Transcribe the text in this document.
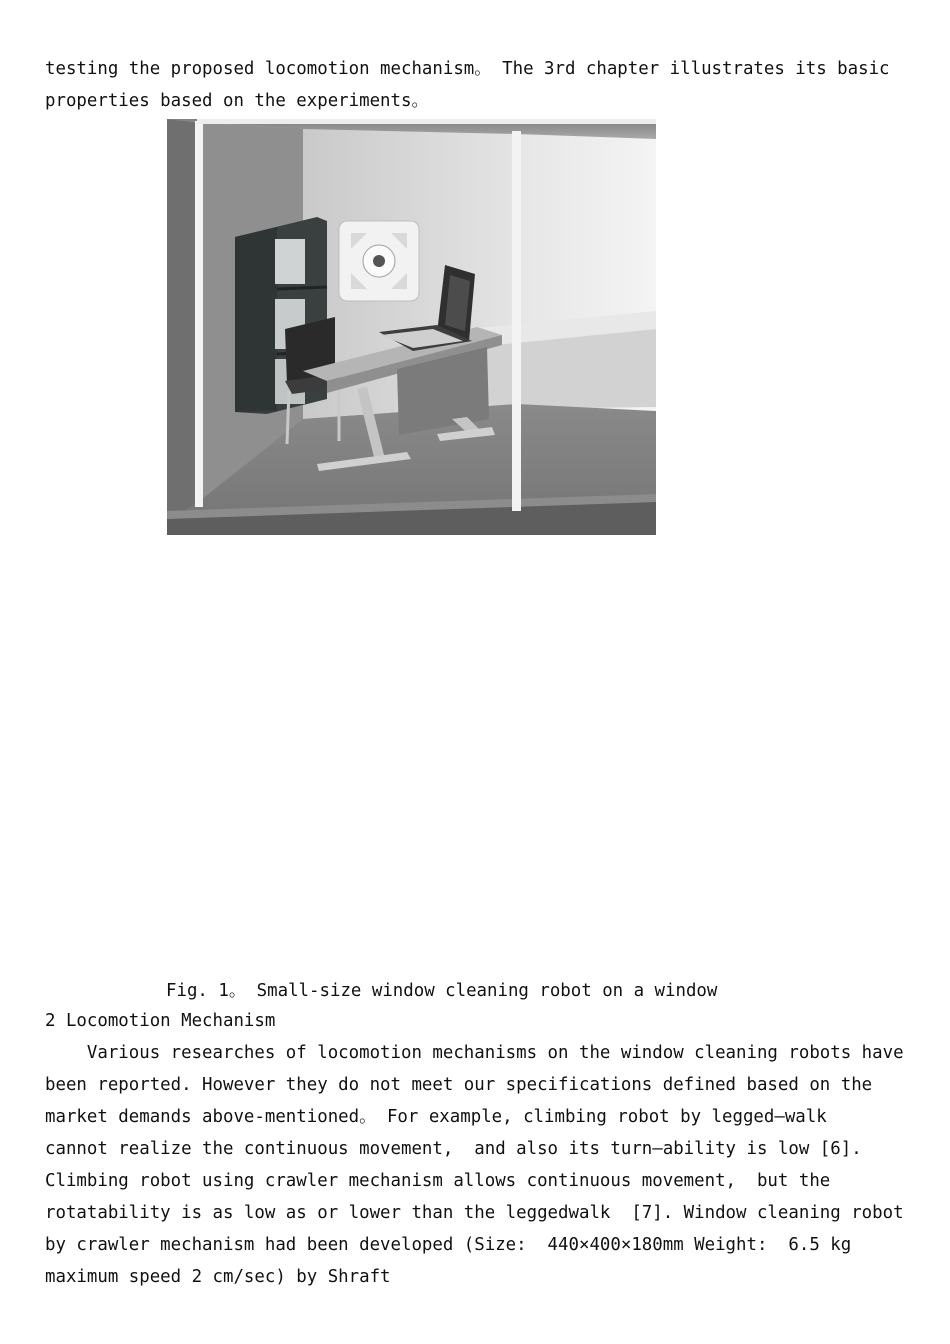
testing the proposed locomotion mechanism。 The 3rd chapter illustrates its basic
properties based on the experiments。
Fig. 1。 Small-size window cleaning robot on a window
2 Locomotion Mechanism
Various researches of locomotion mechanisms on the window cleaning robots have
been reported. However they do not meet our specifications defined based on the
market demands above-mentioned。 For example, climbing robot by legged—walk
cannot realize the continuous movement,  and also its turn—ability is low [6].
Climbing robot using crawler mechanism allows continuous movement,  but the
rotatability is as low as or lower than the leggedwalk  [7]. Window cleaning robot
by crawler mechanism had been developed (Size:  440×400×180mm Weight:  6.5 kg
maximum speed 2 cm/sec) by Shraft
